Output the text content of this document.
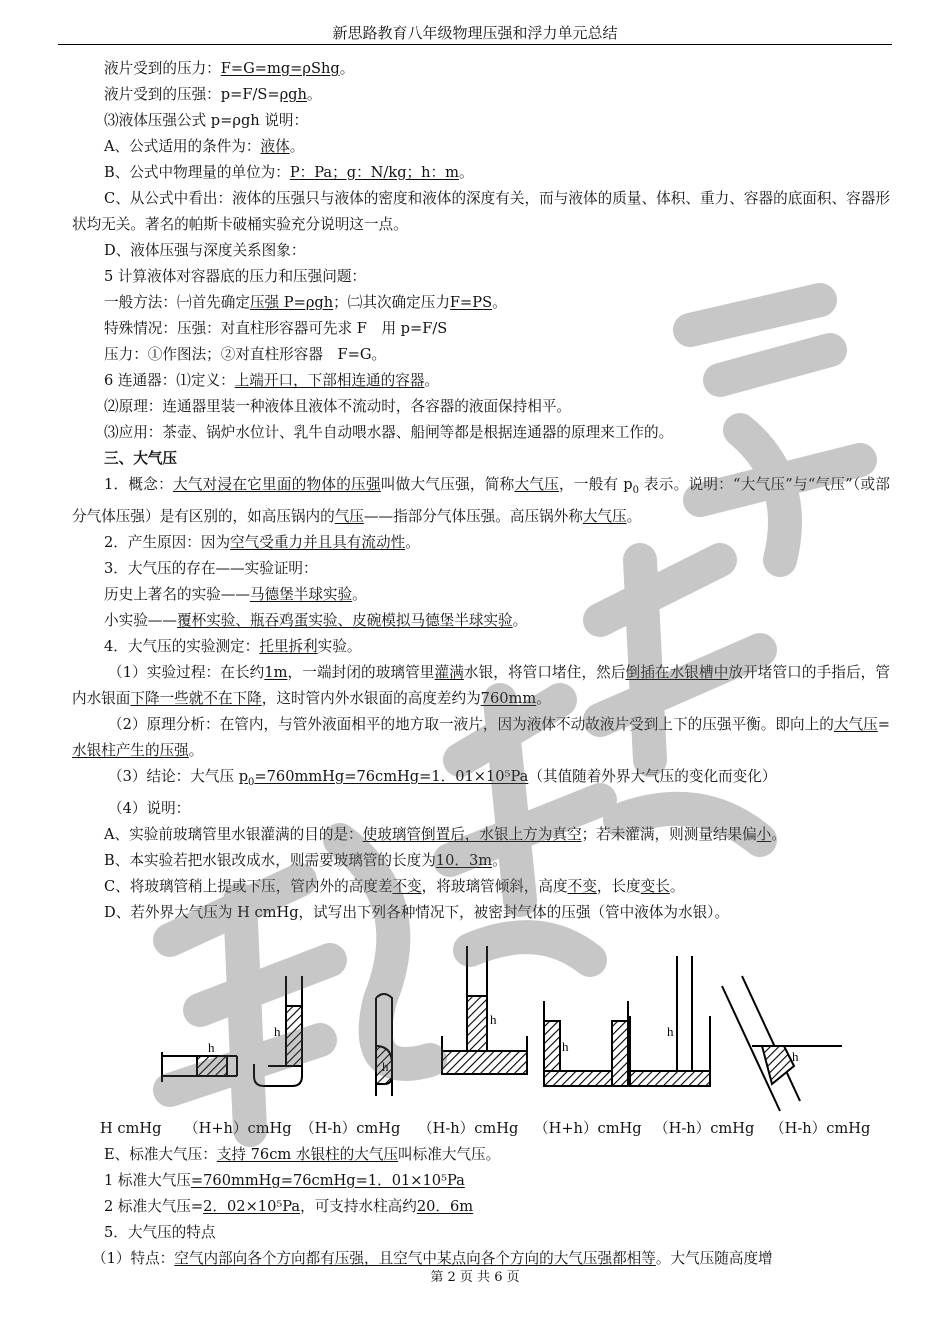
新思路教育八年级物理压强和浮力单元总结
液片受到的压力：F=G=mg=ρShg。
液片受到的压强：p=F/S=ρgh。
⑶液体压强公式 p=ρgh 说明：
A、公式适用的条件为：液体。
B、公式中物理量的单位为：P：Pa；g：N/kg；h：m。
C、从公式中看出：液体的压强只与液体的密度和液体的深度有关，而与液体的质量、体积、重力、容器的底面积、容器形状均无关。著名的帕斯卡破桶实验充分说明这一点。
D、液体压强与深度关系图象：
5 计算液体对容器底的压力和压强问题：
一般方法：㈠首先确定压强 P=ρgh；㈡其次确定压力F=PS。
特殊情况：压强：对直柱形容器可先求 F　用 p=F/S
压力：①作图法；②对直柱形容器　F=G。
6 连通器：⑴定义：上端开口，下部相连通的容器。
⑵原理：连通器里装一种液体且液体不流动时，各容器的液面保持相平。
⑶应用：茶壶、锅炉水位计、乳牛自动喂水器、船闸等都是根据连通器的原理来工作的。
三、大气压
1．概念：大气对浸在它里面的物体的压强叫做大气压强，简称大气压，一般有 $p_0$ 表示。说明：“大气压”与“气压”（或部分气体压强）是有区别的，如高压锅内的气压——指部分气体压强。高压锅外称大气压。
2．产生原因：因为空气受重力并且具有流动性。
3．大气压的存在——实验证明：
历史上著名的实验——马德堡半球实验。
小实验——覆杯实验、瓶吞鸡蛋实验、皮碗模拟马德堡半球实验。
4．大气压的实验测定：托里拆利实验。
（1）实验过程：在长约1m，一端封闭的玻璃管里灌满水银，将管口堵住，然后倒插在水银槽中放开堵管口的手指后，管内水银面下降一些就不在下降，这时管内外水银面的高度差约为760mm。
（2）原理分析：在管内，与管外液面相平的地方取一液片，因为液体不动故液片受到上下的压强平衡。即向上的大气压=水银柱产生的压强。
（3）结论：大气压 $p_0=760mmHg=76cmHg=1$．01×10⁵Pa（其值随着外界大气压的变化而变化）
（4）说明：
A、实验前玻璃管里水银灌满的目的是：使玻璃管倒置后，水银上方为真空；若未灌满，则测量结果偏小。
B、本实验若把水银改成水，则需要玻璃管的长度为10．3m。
C、将玻璃管稍上提或下压，管内外的高度差不变，将玻璃管倾斜，高度不变，长度变长。
D、若外界大气压为 H cmHg，试写出下列各种情况下，被密封气体的压强（管中液体为水银）。
h
h
h
h
h
h
h
H cmHg （H+h）cmHg （H-h）cmHg （H-h）cmHg （H+h）cmHg （H-h）cmHg （H-h）cmHg
E、标准大气压：支持 76cm 水银柱的大气压叫标准大气压。
1 标准大气压=760mmHg=76cmHg=1．01×10⁵Pa
2 标准大气压=2．02×10⁵Pa，可支持水柱高约20．6m
5．大气压的特点
（1）特点：空气内部向各个方向都有压强，且空气中某点向各个方向的大气压强都相等。大气压随高度增
第 2 页 共 6 页
